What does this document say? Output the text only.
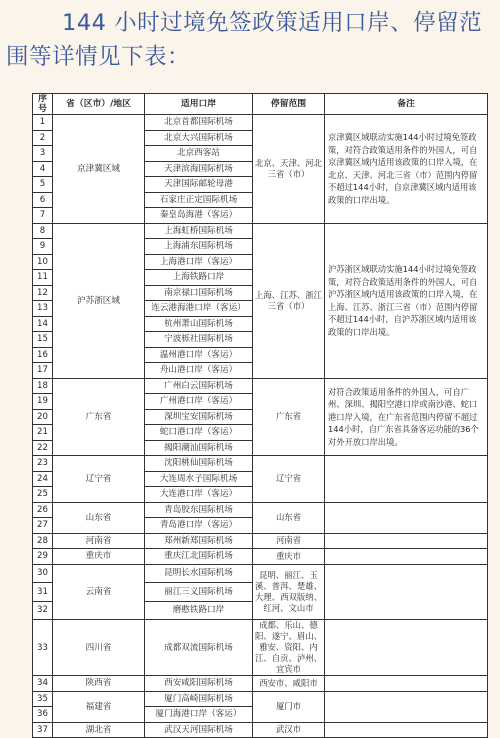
144 小时过境免签政策适用口岸、停留范
围等详情见下表：
序号	省（区市）/地区	适用口岸	停留范围	备注
1	京津冀区域	北京首都国际机场	北京、天津、河北三省（市）	京津冀区域联动实施144小时过境免签政策，对符合政策适用条件的外国人，可自京津冀区域内适用该政策的口岸入境，在北京、天津、河北三省（市）范围内停留不超过144小时，自京津冀区域内适用该政策的口岸出境。
2		北京大兴国际机场		
3		北京西客站		
4		天津滨海国际机场		
5		天津国际邮轮母港		
6		石家庄正定国际机场		
7		秦皇岛海港（客运）		
8	沪苏浙区域	上海虹桥国际机场	上海、江苏、浙江三省（市）	沪苏浙区域联动实施144小时过境免签政策，对符合政策适用条件的外国人，可自沪苏浙区域内适用该政策的口岸入境，在上海、江苏、浙江三省（市）范围内停留不超过144小时，自沪苏浙区域内适用该政策的口岸出境。
9		上海浦东国际机场		
10		上海港口岸（客运）		
11		上海铁路口岸		
12		南京禄口国际机场		
13		连云港海港口岸（客运）		
14		杭州萧山国际机场		
15		宁波栎社国际机场		
16		温州港口岸（客运）		
17		舟山港口岸（客运）		
18	广东省	广州白云国际机场	广东省	对符合政策适用条件的外国人，可自广州、深圳、揭阳空港口岸或南沙港、蛇口港口岸入境，在广东省范围内停留不超过144小时，自广东省具备客运功能的36个对外开放口岸出境。
19		广州港口岸（客运）		
20		深圳宝安国际机场		
21		蛇口港口岸（客运）		
22		揭阳潮汕国际机场		
23	辽宁省	沈阳桃仙国际机场	辽宁省	
24		大连周水子国际机场		
25		大连港口岸（客运）		
26	山东省	青岛胶东国际机场	山东省	
27		青岛港口岸（客运）		
28	河南省	郑州新郑国际机场	河南省	
29	重庆市	重庆江北国际机场	重庆市	
30	云南省	昆明长水国际机场	昆明、丽江、玉溪、普洱、楚雄、大理、西双版纳、红河、文山市	
31		丽江三义国际机场		
32		磨憨铁路口岸		
33	四川省	成都双流国际机场	成都、乐山、德阳、遂宁、眉山、雅安、资阳、内江、自贡、泸州、宜宾市	
34	陕西省	西安咸阳国际机场	西安市、咸阳市	
35	福建省	厦门高崎国际机场	厦门市	
36		厦门海港口岸（客运）		
37	湖北省	武汉天河国际机场	武汉市	
